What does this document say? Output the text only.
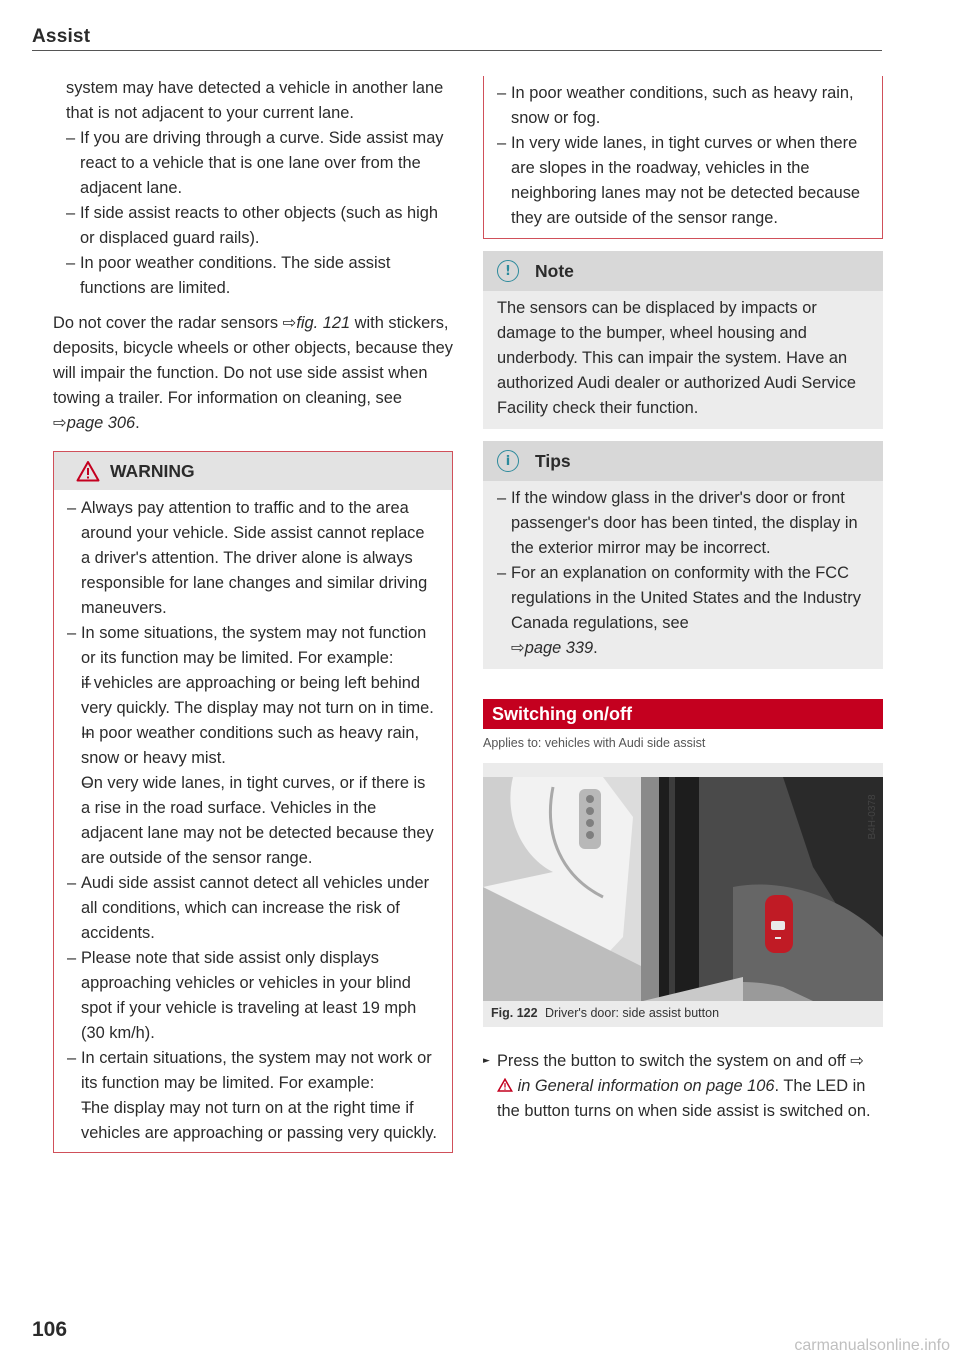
Assist

system may have detected a vehicle in another lane that is not adjacent to your current lane.

– If you are driving through a curve. Side assist may react to a vehicle that is one lane over from the adjacent lane.

– If side assist reacts to other objects (such as high or displaced guard rails).

– In poor weather conditions. The side assist functions are limited.

Do not cover the radar sensors ⇨fig. 121 with stickers, deposits, bicycle wheels or other objects, because they will impair the function. Do not use side assist when towing a trailer. For information on cleaning, see ⇨page 306.

WARNING

– Always pay attention to traffic and to the area around your vehicle. Side assist cannot replace a driver's attention. The driver alone is always responsible for lane changes and similar driving maneuvers.

– In some situations, the system may not function or its function may be limited. For example:

– if vehicles are approaching or being left behind very quickly. The display may not turn on in time.

– In poor weather conditions such as heavy rain, snow or heavy mist.

– On very wide lanes, in tight curves, or if there is a rise in the road surface. Vehicles in the adjacent lane may not be detected because they are outside of the sensor range.

– Audi side assist cannot detect all vehicles under all conditions, which can increase the risk of accidents.

– Please note that side assist only displays approaching vehicles or vehicles in your blind spot if your vehicle is traveling at least 19 mph (30 km/h).

– In certain situations, the system may not work or its function may be limited. For example:

– The display may not turn on at the right time if vehicles are approaching or passing very quickly.

– In poor weather conditions, such as heavy rain, snow or fog.

– In very wide lanes, in tight curves or when there are slopes in the roadway, vehicles in the neighboring lanes may not be detected because they are outside of the sensor range.

!	Note

The sensors can be displaced by impacts or damage to the bumper, wheel housing and underbody. This can impair the system. Have an authorized Audi dealer or authorized Audi Service Facility check their function.

i	Tips

– If the window glass in the driver's door or front passenger's door has been tinted, the display in the exterior mirror may be incorrect.

– For an explanation on conformity with the FCC regulations in the United States and the Industry Canada regulations, see
⇨page 339.

Switching on/off
Applies to: vehicles with Audi side assist
B4H-0378
Fig. 122 Driver's door: side assist button

► Press the button to switch the system on and off ⇨  in General information on page 106. The LED in the button turns on when side assist is switched on.

106
carmanualsonline.info
